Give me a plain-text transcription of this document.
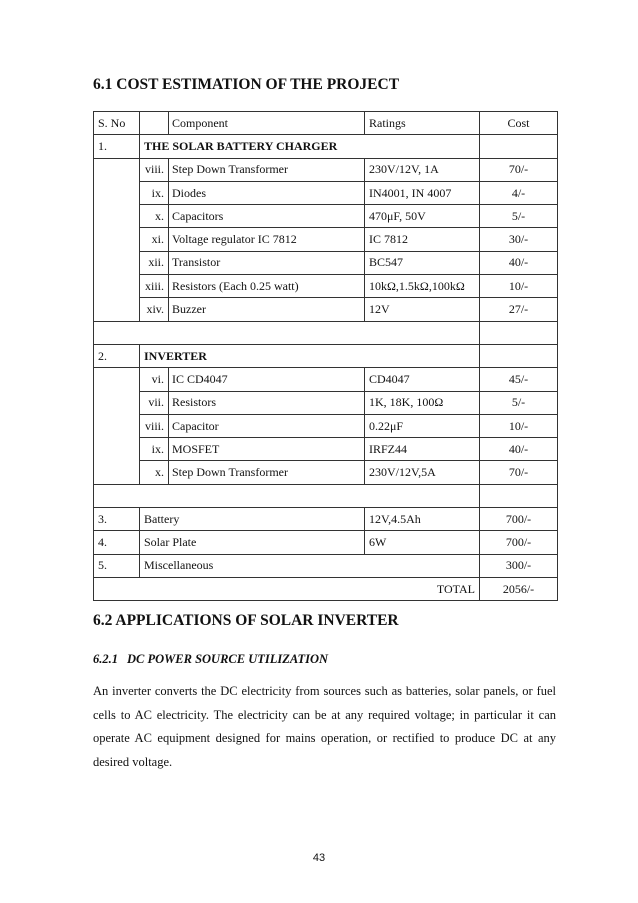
6.1 COST ESTIMATION OF THE PROJECT
S. No		Component	Ratings	Cost
1.	THE SOLAR BATTERY CHARGER			
	viii.	Step Down Transformer	230V/12V, 1A	70/-
	ix.	Diodes	IN4001, IN 4007	4/-
	x.	Capacitors	470μF, 50V	5/-
	xi.	Voltage regulator IC 7812	IC 7812	30/-
	xii.	Transistor	BC547	40/-
	xiii.	Resistors (Each 0.25 watt)	10kΩ,1.5kΩ,100kΩ	10/-
	xiv.	Buzzer	12V	27/-

2.	INVERTER			
	vi.	IC CD4047	CD4047	45/-
	vii.	Resistors	1K, 18K, 100Ω	5/-
	viii.	Capacitor	0.22μF	10/-
	ix.	MOSFET	IRFZ44	40/-
	x.	Step Down Transformer	230V/12V,5A	70/-

3.	Battery		12V,4.5Ah	700/-
4.	Solar Plate		6W	700/-
5.	Miscellaneous			300/-
TOTAL				2056/-
6.2 APPLICATIONS OF SOLAR INVERTER
6.2.1 DC POWER SOURCE UTILIZATION

An inverter converts the DC electricity from sources such as batteries, solar panels, or fuel cells to AC electricity. The electricity can be at any required voltage; in particular it can operate AC equipment designed for mains operation, or rectified to produce DC at any desired voltage.

43
